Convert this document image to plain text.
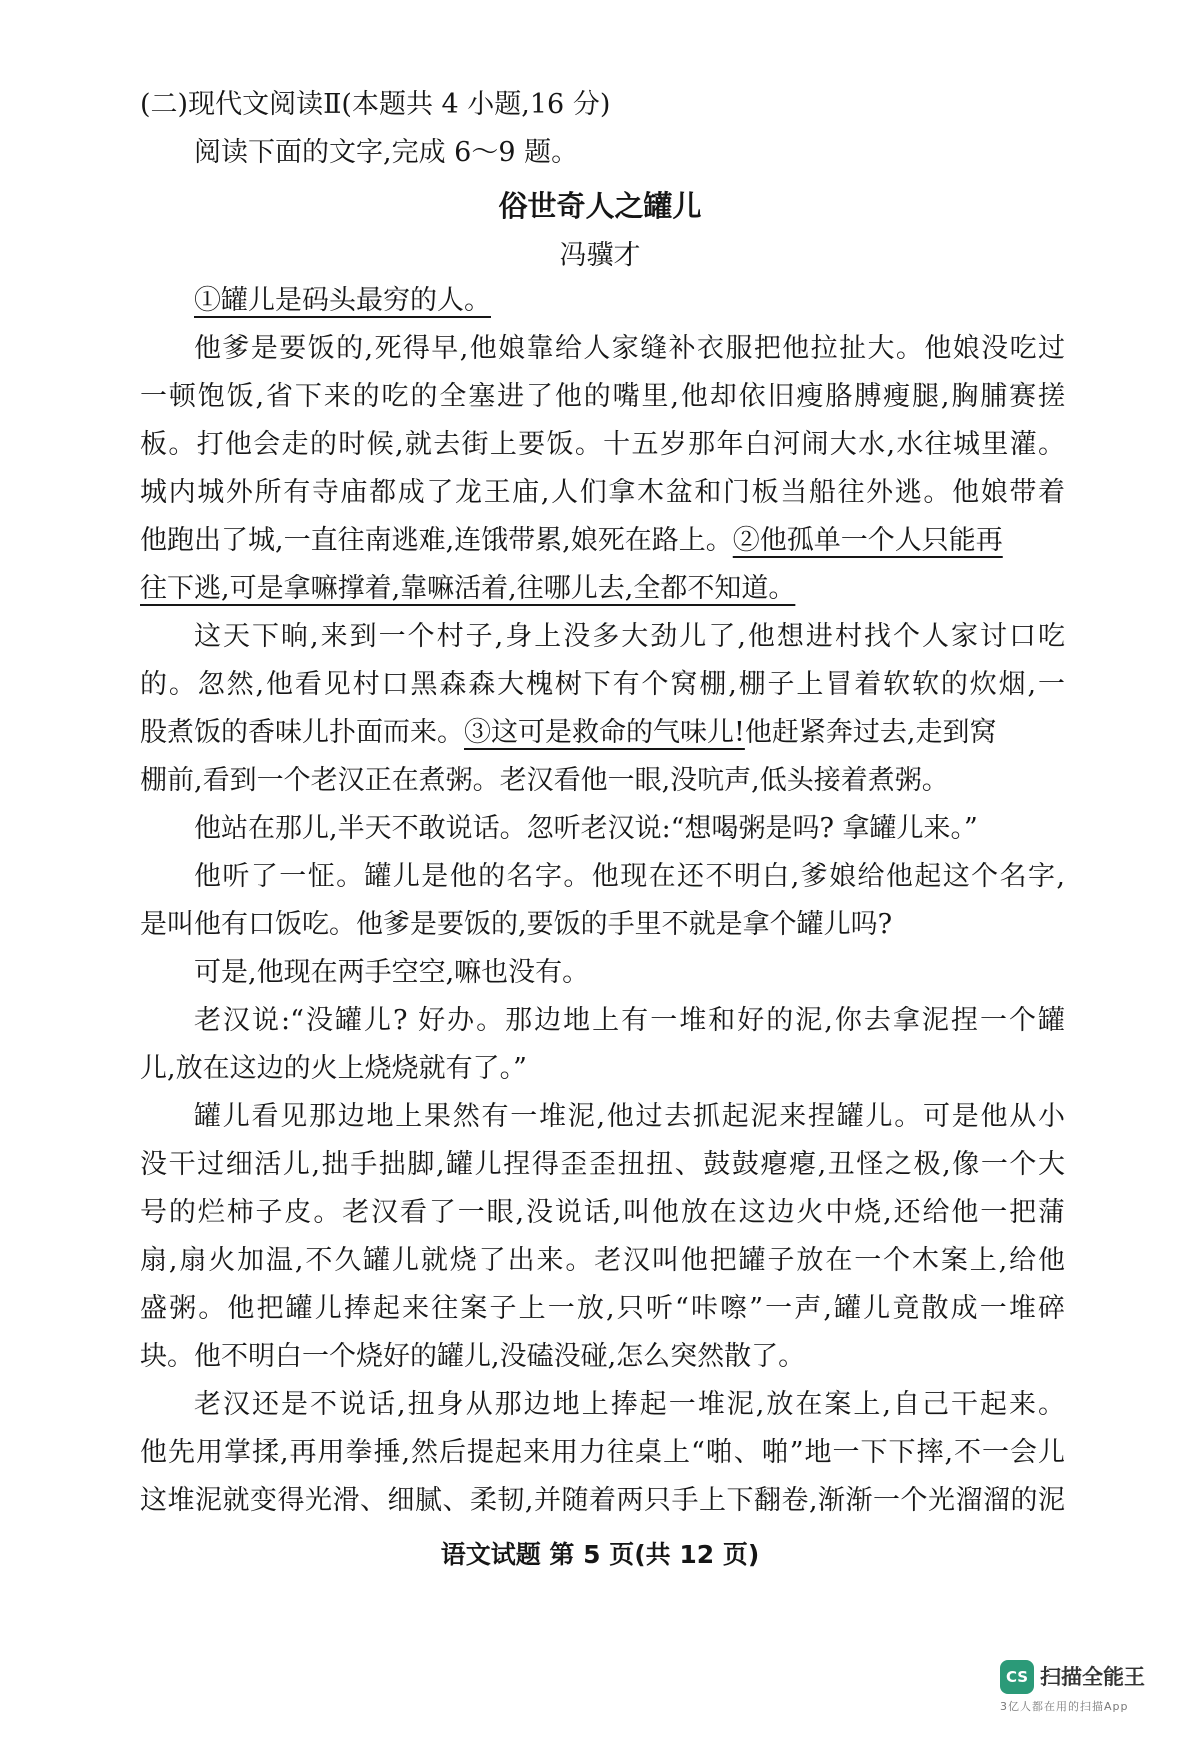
(二)现代文阅读Ⅱ(本题共 4 小题,16 分)
阅读下面的文字,完成 6～9 题。
俗世奇人之罐儿
冯骥才
①罐儿是码头最穷的人。
他爹是要饭的,死得早,他娘靠给人家缝补衣服把他拉扯大。他娘没吃过
一顿饱饭,省下来的吃的全塞进了他的嘴里,他却依旧瘦胳膊瘦腿,胸脯赛搓
板。打他会走的时候,就去街上要饭。十五岁那年白河闹大水,水往城里灌。
城内城外所有寺庙都成了龙王庙,人们拿木盆和门板当船往外逃。他娘带着
他跑出了城,一直往南逃难,连饿带累,娘死在路上。②他孤单一个人只能再
往下逃,可是拿嘛撑着,靠嘛活着,往哪儿去,全都不知道。
这天下晌,来到一个村子,身上没多大劲儿了,他想进村找个人家讨口吃
的。忽然,他看见村口黑森森大槐树下有个窝棚,棚子上冒着软软的炊烟,一
股煮饭的香味儿扑面而来。③这可是救命的气味儿!他赶紧奔过去,走到窝
棚前,看到一个老汉正在煮粥。老汉看他一眼,没吭声,低头接着煮粥。
他站在那儿,半天不敢说话。忽听老汉说:“想喝粥是吗? 拿罐儿来。”
他听了一怔。罐儿是他的名字。他现在还不明白,爹娘给他起这个名字,
是叫他有口饭吃。他爹是要饭的,要饭的手里不就是拿个罐儿吗?
可是,他现在两手空空,嘛也没有。
老汉说:“没罐儿? 好办。那边地上有一堆和好的泥,你去拿泥捏一个罐
儿,放在这边的火上烧烧就有了。”
罐儿看见那边地上果然有一堆泥,他过去抓起泥来捏罐儿。可是他从小
没干过细活儿,拙手拙脚,罐儿捏得歪歪扭扭、鼓鼓瘪瘪,丑怪之极,像一个大
号的烂柿子皮。老汉看了一眼,没说话,叫他放在这边火中烧,还给他一把蒲
扇,扇火加温,不久罐儿就烧了出来。老汉叫他把罐子放在一个木案上,给他
盛粥。他把罐儿捧起来往案子上一放,只听“咔嚓”一声,罐儿竟散成一堆碎
块。他不明白一个烧好的罐儿,没磕没碰,怎么突然散了。
老汉还是不说话,扭身从那边地上捧起一堆泥,放在案上,自己干起来。
他先用掌揉,再用拳捶,然后提起来用力往桌上“啪、啪”地一下下摔,不一会儿
这堆泥就变得光滑、细腻、柔韧,并随着两只手上下翻卷,渐渐一个光溜溜的泥
语文试题 第 5 页(共 12 页)
CS 扫描全能王
3亿人都在用的扫描App
